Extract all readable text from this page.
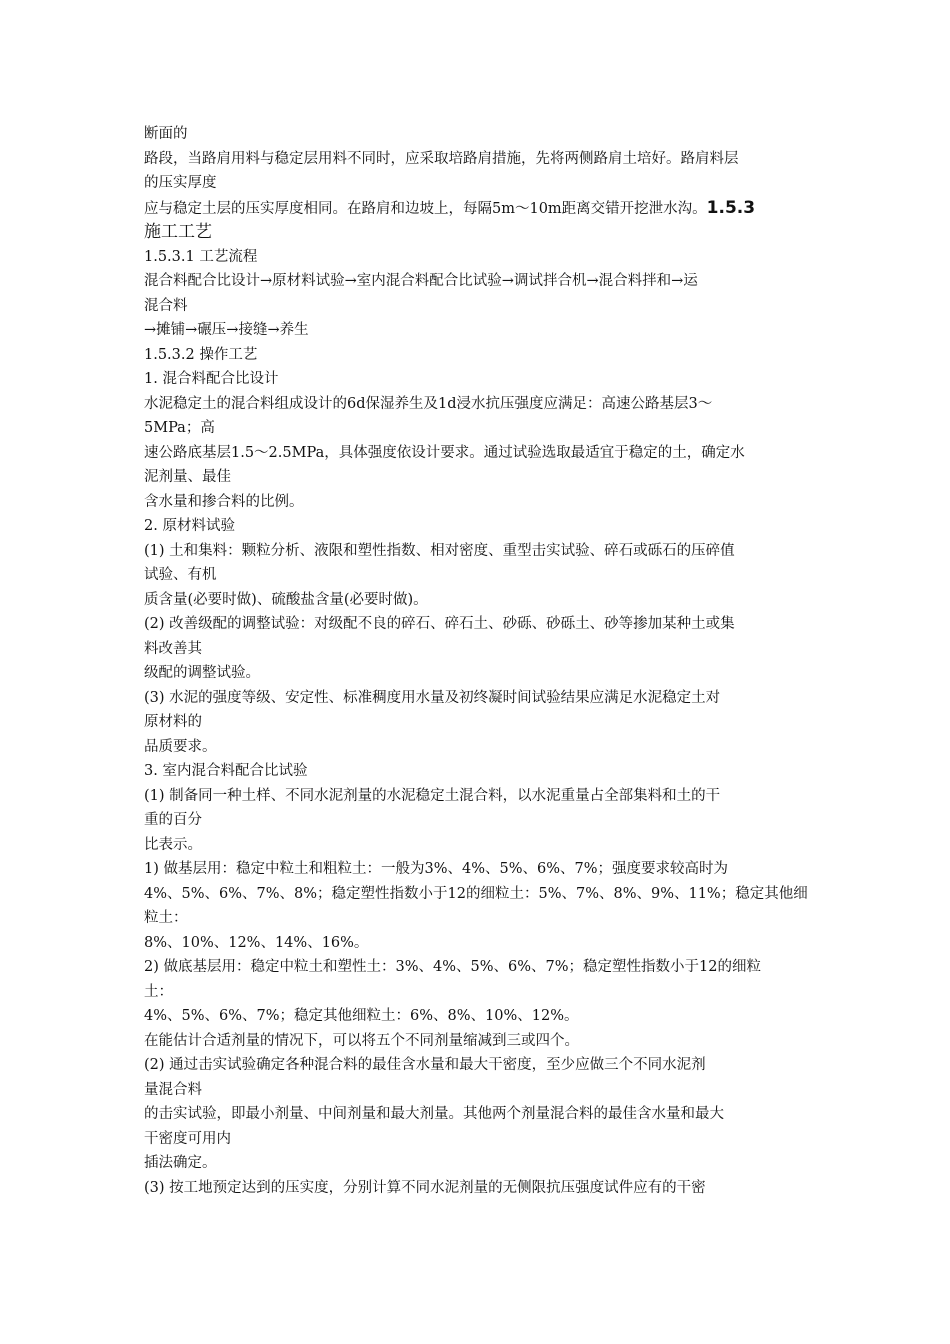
断面的
路段，当路肩用料与稳定层用料不同时，应采取培路肩措施，先将两侧路肩土培好。路肩料层
的压实厚度
应与稳定土层的压实厚度相同。在路肩和边坡上，每隔5m～10m距离交错开挖泄水沟。1.5.3
施工工艺
1.5.3.1 工艺流程
混合料配合比设计→原材料试验→室内混合料配合比试验→调试拌合机→混合料拌和→运
混合料
→摊铺→碾压→接缝→养生
1.5.3.2 操作工艺
1. 混合料配合比设计
水泥稳定土的混合料组成设计的6d保湿养生及1d浸水抗压强度应满足：高速公路基层3～
5MPa；高
速公路底基层1.5～2.5MPa，具体强度依设计要求。通过试验选取最适宜于稳定的土，确定水
泥剂量、最佳
含水量和掺合料的比例。
2. 原材料试验
(1) 土和集料：颗粒分析、液限和塑性指数、相对密度、重型击实试验、碎石或砾石的压碎值
试验、有机
质含量(必要时做)、硫酸盐含量(必要时做)。
(2) 改善级配的调整试验：对级配不良的碎石、碎石土、砂砾、砂砾土、砂等掺加某种土或集
料改善其
级配的调整试验。
(3) 水泥的强度等级、安定性、标准稠度用水量及初终凝时间试验结果应满足水泥稳定土对
原材料的
品质要求。
3. 室内混合料配合比试验
(1) 制备同一种土样、不同水泥剂量的水泥稳定土混合料，以水泥重量占全部集料和土的干
重的百分
比表示。
1) 做基层用：稳定中粒土和粗粒土：一般为3%、4%、5%、6%、7%；强度要求较高时为
4%、5%、6%、7%、8%；稳定塑性指数小于12的细粒土：5%、7%、8%、9%、11%；稳定其他细
粒土：
8%、10%、12%、14%、16%。
2) 做底基层用：稳定中粒土和塑性土：3%、4%、5%、6%、7%；稳定塑性指数小于12的细粒
土：
4%、5%、6%、7%；稳定其他细粒土：6%、8%、10%、12%。
在能估计合适剂量的情况下，可以将五个不同剂量缩减到三或四个。
(2) 通过击实试验确定各种混合料的最佳含水量和最大干密度，至少应做三个不同水泥剂
量混合料
的击实试验，即最小剂量、中间剂量和最大剂量。其他两个剂量混合料的最佳含水量和最大
干密度可用内
插法确定。
(3) 按工地预定达到的压实度，分别计算不同水泥剂量的无侧限抗压强度试件应有的干密
